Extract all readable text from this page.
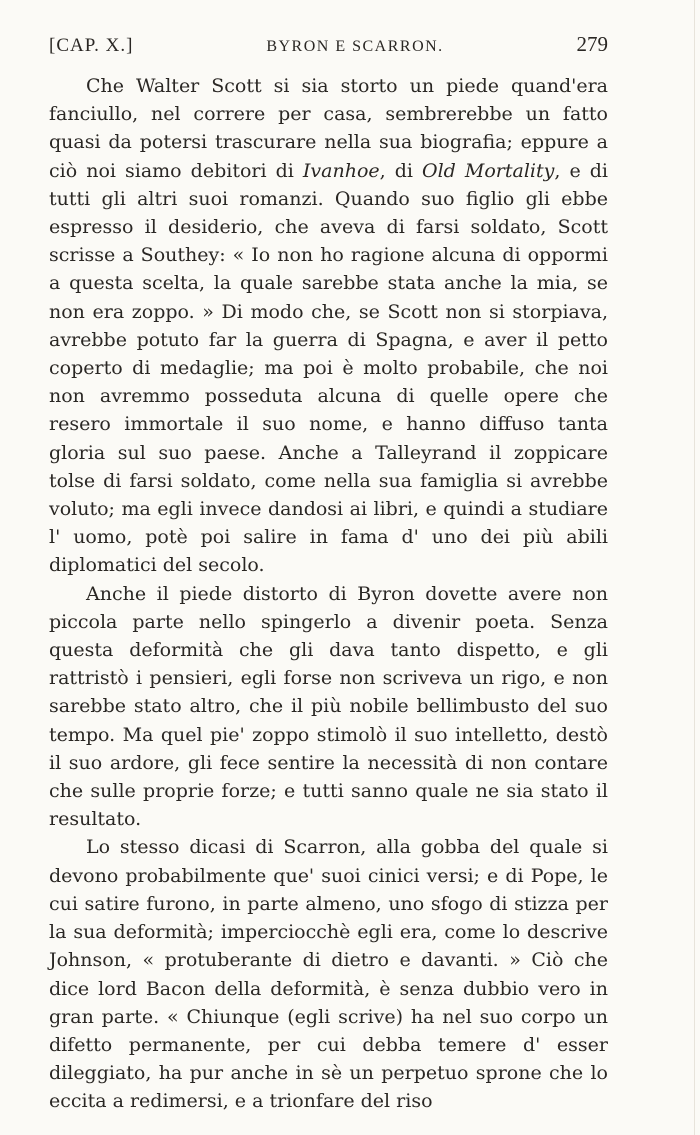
[CAP. X.]	BYRON E SCARRON.	279

Che Walter Scott si sia storto un piede quand'era fanciullo, nel correre per casa, sembrerebbe un fatto quasi da potersi trascurare nella sua biografia; eppure a ciò noi siamo debitori di Ivanhoe, di Old Mortality, e di tutti gli altri suoi romanzi. Quando suo figlio gli ebbe espresso il desiderio, che aveva di farsi soldato, Scott scrisse a Southey: « Io non ho ragione alcuna di oppormi a questa scelta, la quale sarebbe stata anche la mia, se non era zoppo. » Di modo che, se Scott non si storpiava, avrebbe potuto far la guerra di Spagna, e aver il petto coperto di medaglie; ma poi è molto probabile, che noi non avremmo posseduta alcuna di quelle opere che resero immortale il suo nome, e hanno diffuso tanta gloria sul suo paese. Anche a Talleyrand il zoppicare tolse di farsi soldato, come nella sua famiglia si avrebbe voluto; ma egli invece dandosi ai libri, e quindi a studiare l' uomo, potè poi salire in fama d' uno dei più abili diplomatici del secolo.

Anche il piede distorto di Byron dovette avere non piccola parte nello spingerlo a divenir poeta. Senza questa deformità che gli dava tanto dispetto, e gli rattristò i pensieri, egli forse non scriveva un rigo, e non sarebbe stato altro, che il più nobile bellimbusto del suo tempo. Ma quel pie' zoppo stimolò il suo intelletto, destò il suo ardore, gli fece sentire la necessità di non contare che sulle proprie forze; e tutti sanno quale ne sia stato il resultato.

Lo stesso dicasi di Scarron, alla gobba del quale si devono probabilmente que' suoi cinici versi; e di Pope, le cui satire furono, in parte almeno, uno sfogo di stizza per la sua deformità; imperciocchè egli era, come lo descrive Johnson, « protuberante di dietro e davanti. » Ciò che dice lord Bacon della deformità, è senza dubbio vero in gran parte. « Chiunque (egli scrive) ha nel suo corpo un difetto permanente, per cui debba temere d' esser dileggiato, ha pur anche in sè un perpetuo sprone che lo eccita a redimersi, e a trionfare del riso
